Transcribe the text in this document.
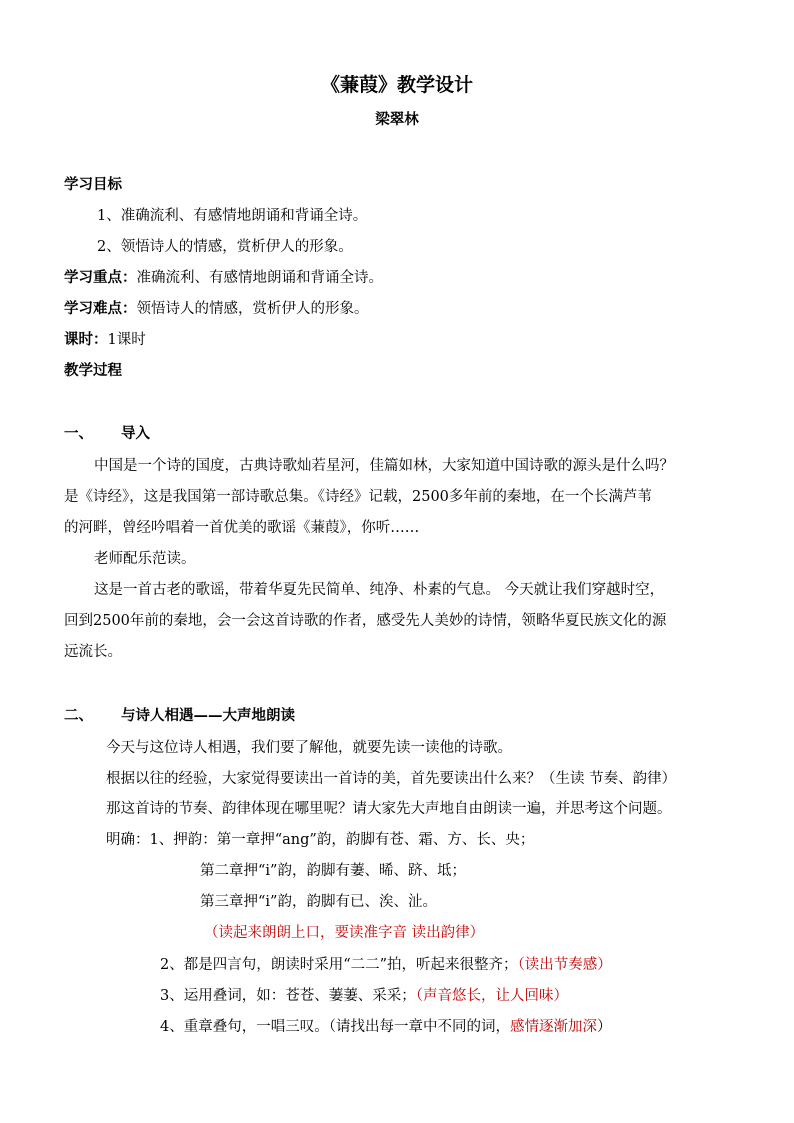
《蒹葭》教学设计
梁翠林
学习目标
1、准确流利、有感情地朗诵和背诵全诗。
2、领悟诗人的情感，赏析伊人的形象。
学习重点：准确流利、有感情地朗诵和背诵全诗。
学习难点：领悟诗人的情感，赏析伊人的形象。
课时：1课时
教学过程
一、 导入
中国是一个诗的国度，古典诗歌灿若星河，佳篇如林，大家知道中国诗歌的源头是什么吗？
是《诗经》，这是我国第一部诗歌总集。《诗经》记载，2500多年前的秦地，在一个长满芦苇
的河畔，曾经吟唱着一首优美的歌谣《蒹葭》，你听……
老师配乐范读。
这是一首古老的歌谣，带着华夏先民简单、纯净、朴素的气息。 今天就让我们穿越时空，
回到2500年前的秦地，会一会这首诗歌的作者，感受先人美妙的诗情，领略华夏民族文化的源
远流长。
二、 与诗人相遇——大声地朗读
今天与这位诗人相遇，我们要了解他，就要先读一读他的诗歌。
根据以往的经验，大家觉得要读出一首诗的美，首先要读出什么来？（生读 节奏、韵律）
那这首诗的节奏、韵律体现在哪里呢？请大家先大声地自由朗读一遍，并思考这个问题。
明确：1、押韵：第一章押“ang”韵，韵脚有苍、霜、方、长、央；
第二章押“i”韵，韵脚有萋、晞、跻、坻；
第三章押“i”韵，韵脚有已、涘、沚。
（读起来朗朗上口，要读准字音 读出韵律）
2、都是四言句，朗读时采用“二二”拍，听起来很整齐；（读出节奏感）
3、运用叠词，如：苍苍、萋萋、采采；（声音悠长，让人回味）
4、重章叠句，一唱三叹。（请找出每一章中不同的词，感情逐渐加深）
